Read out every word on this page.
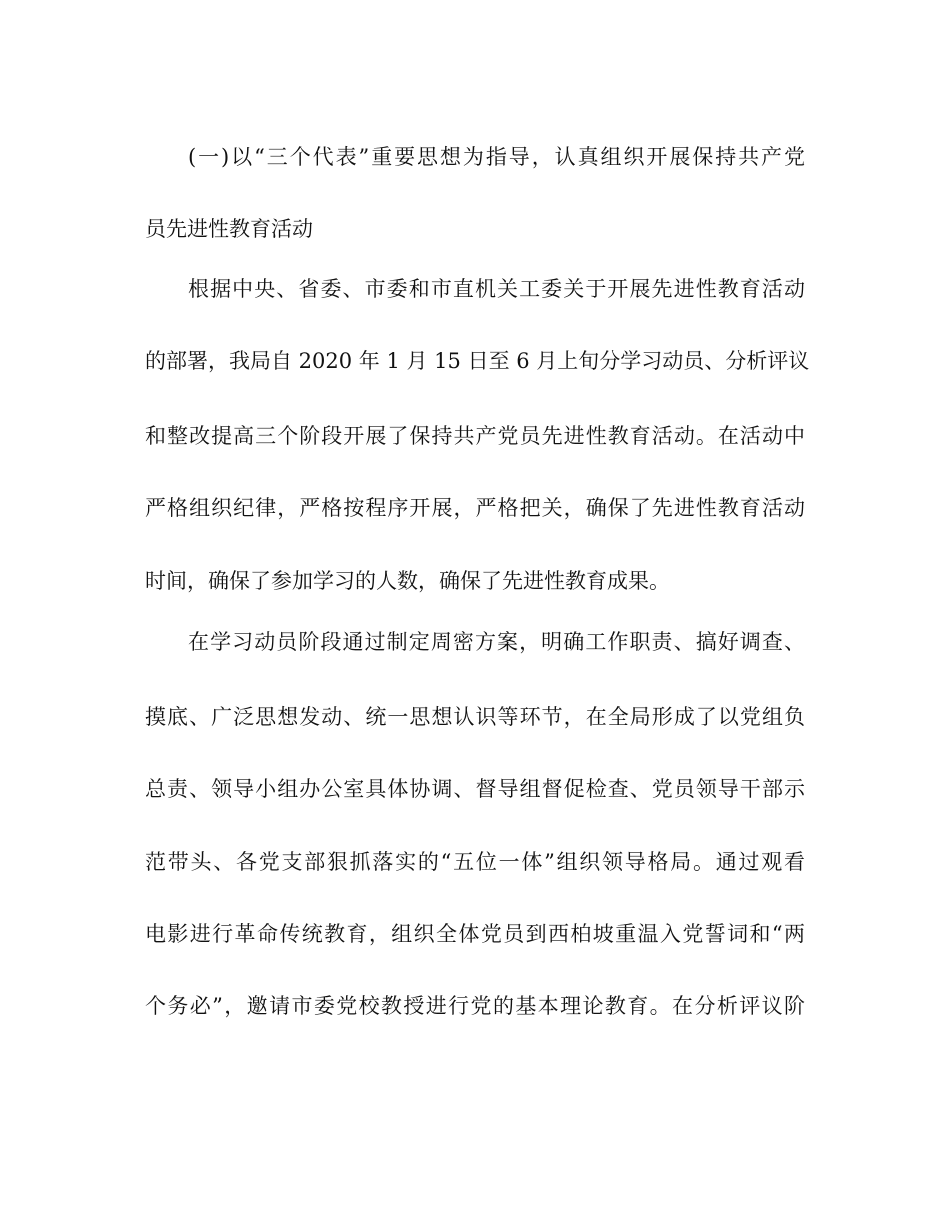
(一)以“三个代表”重要思想为指导，认真组织开展保持共产党
员先进性教育活动
根据中央、省委、市委和市直机关工委关于开展先进性教育活动
的部署，我局自 2020 年 1 月 15 日至 6 月上旬分学习动员、分析评议
和整改提高三个阶段开展了保持共产党员先进性教育活动。在活动中
严格组织纪律，严格按程序开展，严格把关，确保了先进性教育活动
时间，确保了参加学习的人数，确保了先进性教育成果。
在学习动员阶段通过制定周密方案，明确工作职责、搞好调查、
摸底、广泛思想发动、统一思想认识等环节，在全局形成了以党组负
总责、领导小组办公室具体协调、督导组督促检查、党员领导干部示
范带头、各党支部狠抓落实的“五位一体”组织领导格局。通过观看
电影进行革命传统教育，组织全体党员到西柏坡重温入党誓词和“两
个务必”，邀请市委党校教授进行党的基本理论教育。在分析评议阶
